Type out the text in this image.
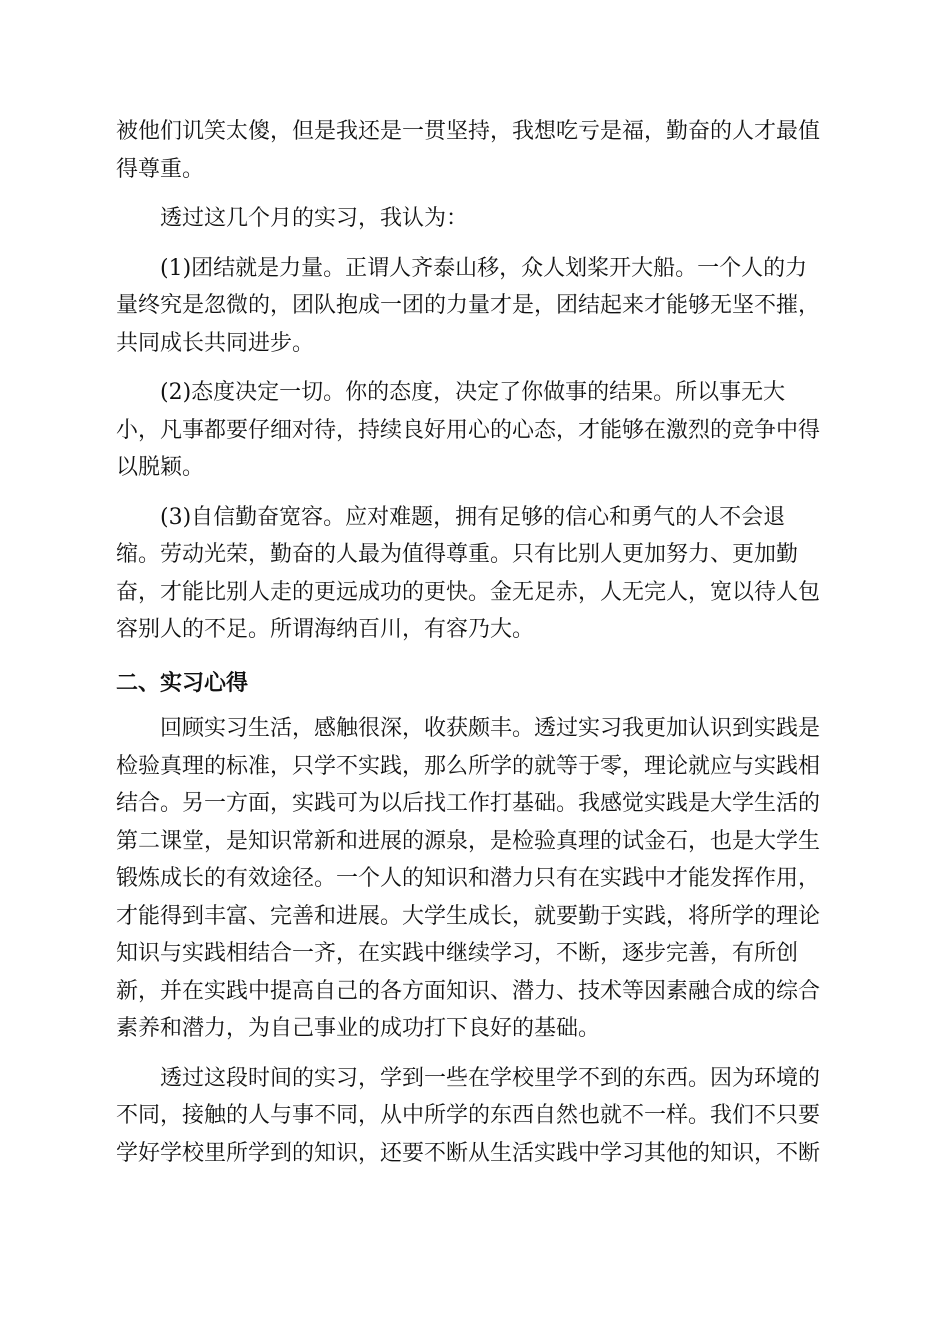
被他们讥笑太傻，但是我还是一贯坚持，我想吃亏是福，勤奋的人才最值
得尊重。

透过这几个月的实习，我认为：

(1)团结就是力量。正谓人齐泰山移，众人划桨开大船。一个人的力
量终究是忽微的，团队抱成一团的力量才是，团结起来才能够无坚不摧，
共同成长共同进步。

(2)态度决定一切。你的态度，决定了你做事的结果。所以事无大
小，凡事都要仔细对待，持续良好用心的心态，才能够在激烈的竞争中得
以脱颖。

(3)自信勤奋宽容。应对难题，拥有足够的信心和勇气的人不会退
缩。劳动光荣，勤奋的人最为值得尊重。只有比别人更加努力、更加勤
奋，才能比别人走的更远成功的更快。金无足赤，人无完人，宽以待人包
容别人的不足。所谓海纳百川，有容乃大。

二、实习心得

回顾实习生活，感触很深，收获颇丰。透过实习我更加认识到实践是
检验真理的标准，只学不实践，那么所学的就等于零，理论就应与实践相
结合。另一方面，实践可为以后找工作打基础。我感觉实践是大学生活的
第二课堂，是知识常新和进展的源泉，是检验真理的试金石，也是大学生
锻炼成长的有效途径。一个人的知识和潜力只有在实践中才能发挥作用，
才能得到丰富、完善和进展。大学生成长，就要勤于实践，将所学的理论
知识与实践相结合一齐，在实践中继续学习，不断，逐步完善，有所创
新，并在实践中提高自己的各方面知识、潜力、技术等因素融合成的综合
素养和潜力，为自己事业的成功打下良好的基础。

透过这段时间的实习，学到一些在学校里学不到的东西。因为环境的
不同，接触的人与事不同，从中所学的东西自然也就不一样。我们不只要
学好学校里所学到的知识，还要不断从生活实践中学习其他的知识，不断
